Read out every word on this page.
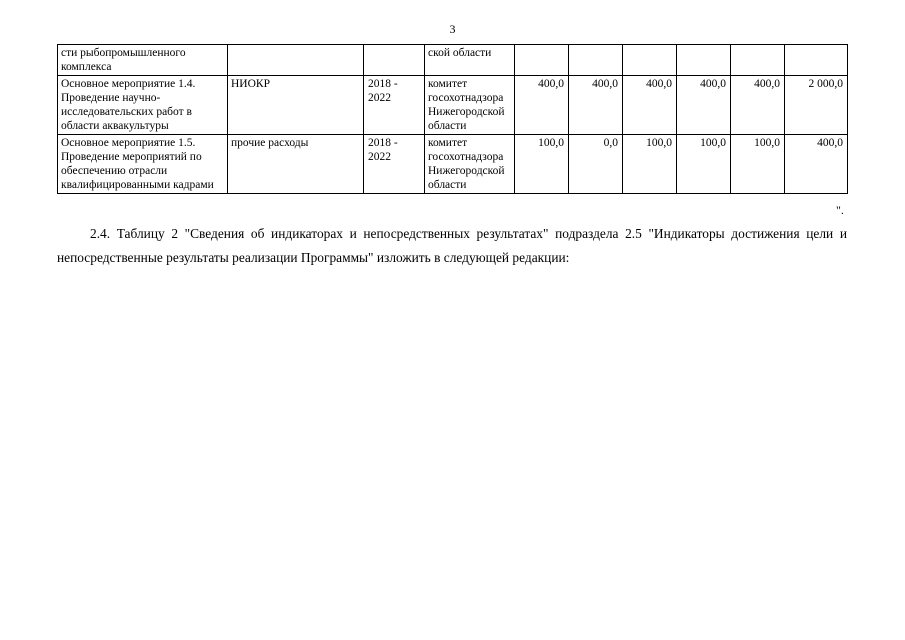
3
сти рыбопромышленного комплекса			ской области						
Основное мероприятие 1.4. Проведение научно-исследовательских работ в области аквакультуры	НИОКР	2018 - 2022	комитет госохотнадзора Нижегородской области	400,0	400,0	400,0	400,0	400,0	2 000,0
Основное мероприятие 1.5. Проведение мероприятий по обеспечению отрасли квалифицированными кадрами	прочие расходы	2018 - 2022	комитет госохотнадзора Нижегородской области	100,0	0,0	100,0	100,0	100,0	400,0
".

2.4. Таблицу 2 "Сведения об индикаторах и непосредственных результатах" подраздела 2.5 "Индикаторы достижения цели и непосредственные результаты реализации Программы" изложить в следующей редакции:
